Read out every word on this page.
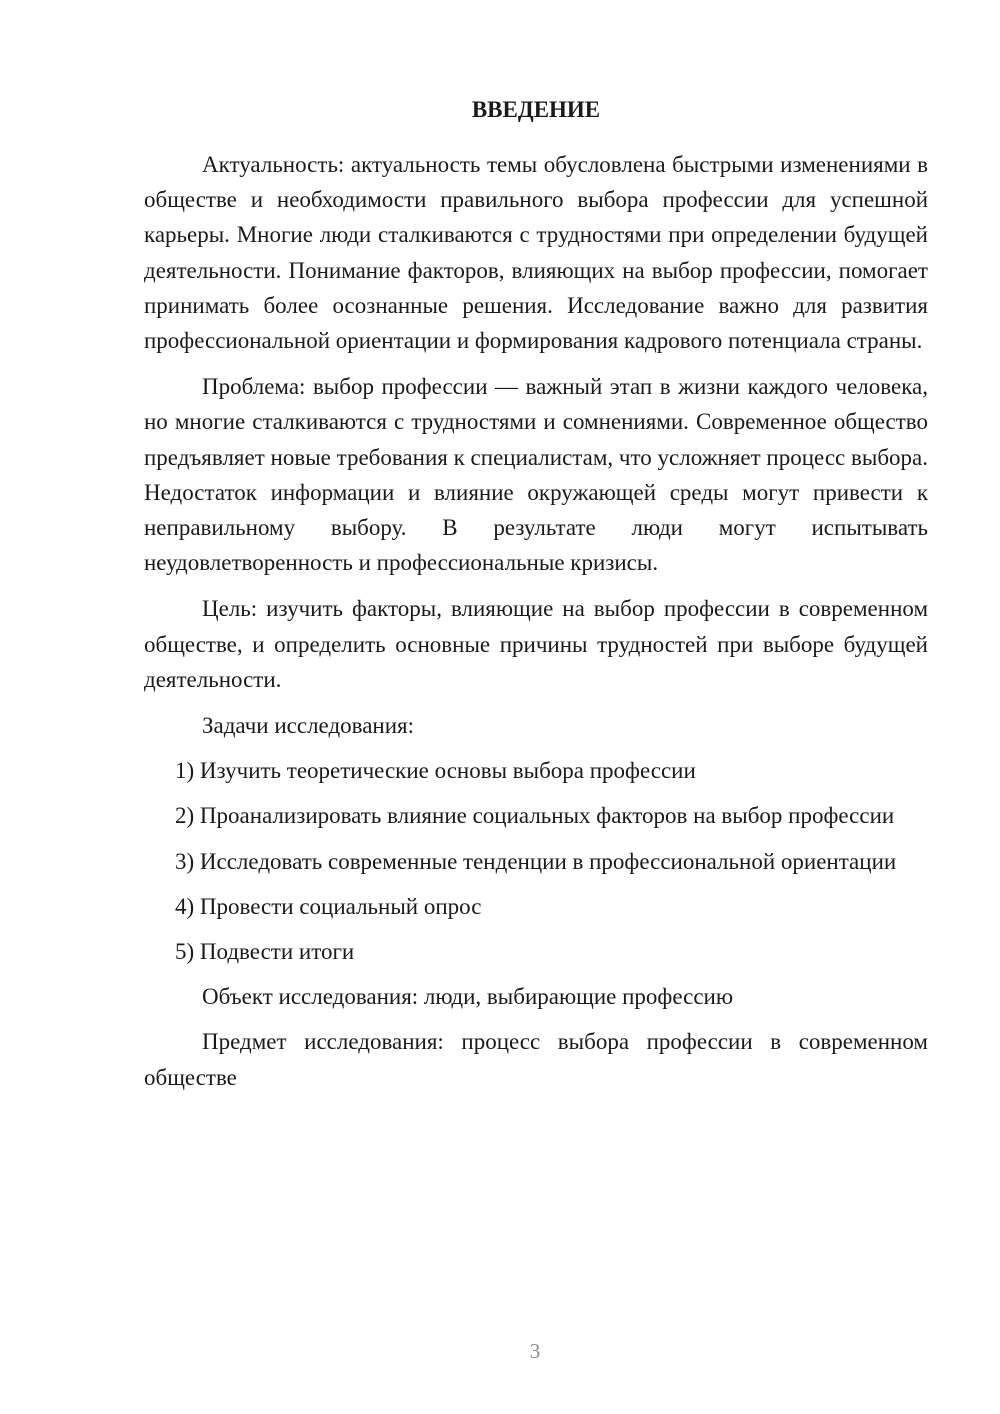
ВВЕДЕНИЕ
Актуальность: актуальность темы обусловлена быстрыми изменениями в обществе и необходимости правильного выбора профессии для успешной карьеры. Многие люди сталкиваются с трудностями при определении будущей деятельности. Понимание факторов, влияющих на выбор профессии, помогает принимать более осознанные решения. Исследование важно для развития профессиональной ориентации и формирования кадрового потенциала страны.
Проблема: выбор профессии — важный этап в жизни каждого человека, но многие сталкиваются с трудностями и сомнениями. Современное общество предъявляет новые требования к специалистам, что усложняет процесс выбора. Недостаток информации и влияние окружающей среды могут привести к неправильному выбору. В результате люди могут испытывать неудовлетворенность и профессиональные кризисы.
Цель: изучить факторы, влияющие на выбор профессии в современном обществе, и определить основные причины трудностей при выборе будущей деятельности.
Задачи исследования:
1) Изучить теоретические основы выбора профессии
2) Проанализировать влияние социальных факторов на выбор профессии
3) Исследовать современные тенденции в профессиональной ориентации
4) Провести социальный опрос
5) Подвести итоги
Объект исследования: люди, выбирающие профессию
Предмет исследования: процесс выбора профессии в современном обществе
3
